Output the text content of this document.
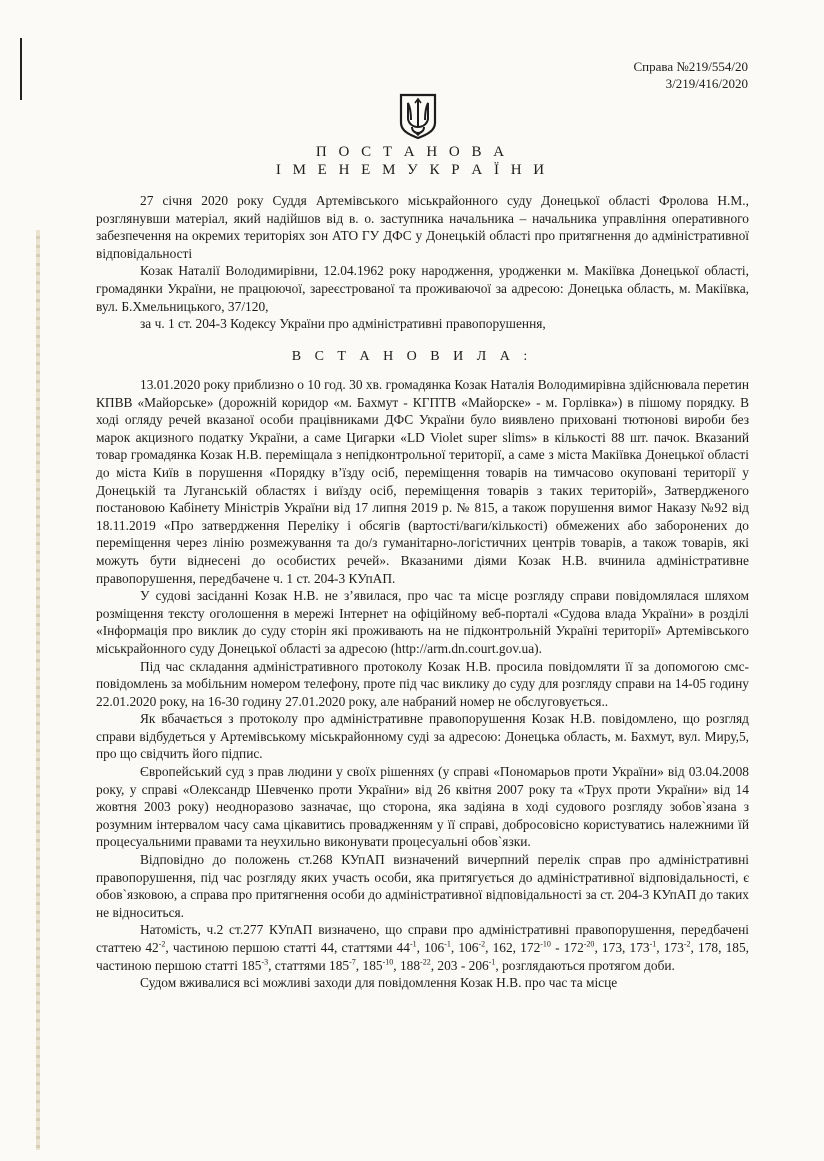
Справа №219/554/20
3/219/416/2020
П О С Т А Н О В А
І М Е Н Е М У К Р А Ї Н И

27 січня 2020 року Суддя Артемівського міськрайонного суду Донецької області Фролова Н.М., розглянувши матеріал, який надійшов від в. о. заступника начальника – начальника управління оперативного забезпечення на окремих територіях зон АТО ГУ ДФС у Донецькій області про притягнення до адміністративної відповідальності

Козак Наталії Володимирівни, 12.04.1962 року народження, уродженки м. Макіївка Донецької області, громадянки України, не працюючої, зареєстрованої та проживаючої за адресою: Донецька область, м. Макіївка, вул. Б.Хмельницького, 37/120,

за ч. 1 ст. 204-3 Кодексу України про адміністративні правопорушення,

В С Т А Н О В И Л А :

13.01.2020 року приблизно о 10 год. 30 хв. громадянка Козак Наталія Володимирівна здійснювала перетин КПВВ «Майорське» (дорожній коридор «м. Бахмут - КГПТВ «Майорске» - м. Горлівка») в пішому порядку. В ході огляду речей вказаної особи працівниками ДФС України було виявлено приховані тютюнові вироби без марок акцизного податку України, а саме Цигарки «LD Violet super slims» в кількості 88 шт. пачок. Вказаний товар громадянка Козак Н.В. переміщала з непідконтрольної території, а саме з міста Макіївка Донецької області до міста Київ в порушення «Порядку в’їзду осіб, переміщення товарів на тимчасово окуповані території у Донецькій та Луганській областях і виїзду осіб, переміщення товарів з таких територій», Затвердженого постановою Кабінету Міністрів України від 17 липня 2019 р. № 815, а також порушення вимог Наказу №92 від 18.11.2019 «Про затвердження Переліку і обсягів (вартості/ваги/кількості) обмежених або заборонених до переміщення через лінію розмежування та до/з гуманітарно-логістичних центрів товарів, а також товарів, які можуть бути віднесені до особистих речей». Вказаними діями Козак Н.В. вчинила адміністративне правопорушення, передбачене ч. 1 ст. 204-3 КУпАП.

У судові засіданні Козак Н.В. не з’явилася, про час та місце розгляду справи повідомлялася шляхом розміщення тексту оголошення в мережі Інтернет на офіційному веб-порталі «Судова влада України» в розділі «Інформація про виклик до суду сторін які проживають на не підконтрольній Україні території» Артемівського міськрайонного суду Донецької області за адресою (http://arm.dn.court.gov.ua).

Під час складання адміністративного протоколу Козак Н.В. просила повідомляти її за допомогою смс-повідомлень за мобільним номером телефону, проте під час виклику до суду для розгляду справи на 14-05 годину 22.01.2020 року, на 16-30 годину 27.01.2020 року, але набраний номер не обслуговується..

Як вбачається з протоколу про адміністративне правопорушення Козак Н.В. повідомлено, що розгляд справи відбудеться у Артемівському міськрайонному суді за адресою: Донецька область, м. Бахмут, вул. Миру,5, про що свідчить його підпис.

Європейський суд з прав людини у своїх рішеннях (у справі «Пономарьов проти України» від 03.04.2008 року, у справі «Олександр Шевченко проти України» від 26 квітня 2007 року та «Трух проти України» від 14 жовтня 2003 року) неодноразово зазначає, що сторона, яка задіяна в ході судового розгляду зобов`язана з розумним інтервалом часу сама цікавитись провадженням у її справі, добросовісно користуватись належними їй процесуальними правами та неухильно виконувати процесуальні обов`язки.

Відповідно до положень ст.268 КУпАП визначений вичерпний перелік справ про адміністративні правопорушення, під час розгляду яких участь особи, яка притягується до адміністративної відповідальності, є обов`язковою, а справа про притягнення особи до адміністративної відповідальності за ст. 204-3 КУпАП до таких не відноситься.

Натомість, ч.2 ст.277 КУпАП визначено, що справи про адміністративні правопорушення, передбачені статтею $42^{-2}$, частиною першою статті 44, статтями $44^{-1}$, $106^{-1}$, $106^{-2}$, 162, $172^{-10} - 172^{-20}$, 173, $173^{-1}$, $173^{-2}$, 178, 185, частиною першою статті $185^{-3}$, статтями $185^{-7}$, $185^{-10}$, $188^{-22}$, $203 - 206^{-1}$, розглядаються протягом доби.

Судом вживалися всі можливі заходи для повідомлення Козак Н.В. про час та місце
